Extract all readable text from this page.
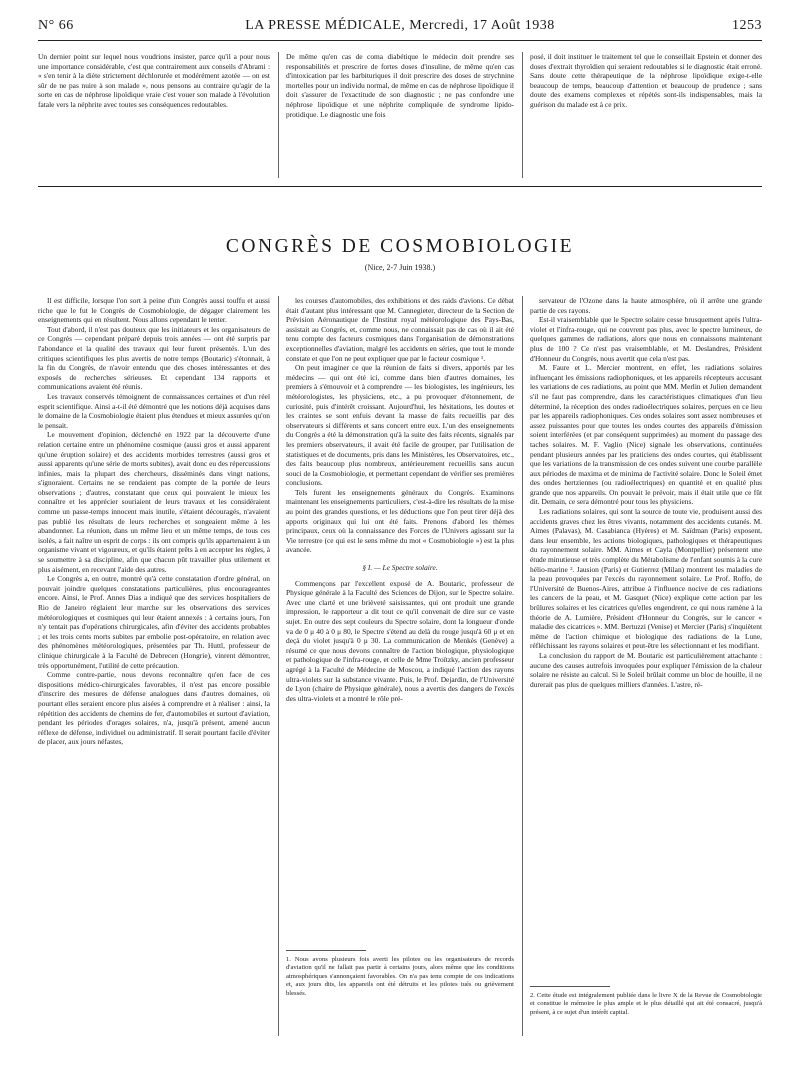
N° 66	LA PRESSE MÉDICALE, Mercredi, 17 Août 1938	1253

Un dernier point sur lequel nous voudrions insister, parce qu'il a pour nous une importance considérable, c'est que contrairement aux conseils d'Abrami : « s'en tenir à la diète strictement déchlorurée et modérément azotée — on est sûr de ne pas nuire à son malade », nous pensons au contraire qu'agir de la sorte en cas de néphrose lipoïdique vraie c'est vouer son malade à l'évolution fatale vers la néphrite avec toutes ses conséquences redoutables.

De même qu'en cas de coma diabétique le médecin doit prendre ses responsabilités et prescrire de fortes doses d'insuline, de même qu'en cas d'intoxication par les barbituriques il doit prescrire des doses de strychnine mortelles pour un individu normal, de même en cas de néphrose lipoïdique il doit s'assurer de l'exactitude de son diagnostic ; ne pas confondre une néphrose lipoïdique et une néphrite compliquée de syndrome lipido-protidique. Le diagnostic une fois

posé, il doit instituer le traitement tel que le conseillait Epstein et donner des doses d'extrait thyroïdien qui seraient redoutables si le diagnostic était erroné. Sans doute cette thérapeutique de la néphrose lipoïdique exige-t-elle beaucoup de temps, beaucoup d'attention et beaucoup de prudence ; sans doute des examens complexes et répétés sont-ils indispensables, mais la guérison du malade est à ce prix.

CONGRÈS DE COSMOBIOLOGIE
(Nice, 2-7 Juin 1938.)

Il est difficile, lorsque l'on sort à peine d'un Congrès aussi touffu et aussi riche que le fut le Congrès de Cosmobiologie, de dégager clairement les enseignements qui en résultent. Nous allons cependant le tenter.

Tout d'abord, il n'est pas douteux que les initiateurs et les organisateurs de ce Congrès — cependant préparé depuis trois années — ont été surpris par l'abondance et la qualité des travaux qui leur furent présentés. L'un des critiques scientifiques les plus avertis de notre temps (Boutaric) s'étonnait, à la fin du Congrès, de n'avoir entendu que des choses intéressantes et des exposés de recherches sérieuses. Et cependant 134 rapports et communications avaient été réunis.

Les travaux conservés témoignent de connaissances certaines et d'un réel esprit scientifique. Ainsi a-t-il été démontré que les notions déjà acquises dans le domaine de la Cosmobiologie étaient plus étendues et mieux assurées qu'on le pensait.

Le mouvement d'opinion, déclenché en 1922 par la découverte d'une relation certaine entre un phénomène cosmique (aussi gros et aussi apparent qu'une éruption solaire) et des accidents morbides terrestres (aussi gros et aussi apparents qu'une série de morts subites), avait donc eu des répercussions infinies, mais la plupart des chercheurs, disséminés dans vingt nations, s'ignoraient. Certains ne se rendaient pas compte de la portée de leurs observations ; d'autres, constatant que ceux qui pouvaient le mieux les connaître et les apprécier souriaient de leurs travaux et les considéraient comme un passe-temps innocent mais inutile, s'étaient découragés, n'avaient pas publié les résultats de leurs recherches et songeaient même à les abandonner. La réunion, dans un même lieu et un même temps, de tous ces isolés, a fait naître un esprit de corps : ils ont compris qu'ils appartenaient à un organisme vivant et vigoureux, et qu'ils étaient prêts à en accepter les règles, à se soumettre à sa discipline, afin que chacun pût travailler plus utilement et plus aisément, en recevant l'aide des autres.

Le Congrès a, en outre, montré qu'à cette constatation d'ordre général, on pouvait joindre quelques constatations particulières, plus encourageantes encore. Ainsi, le Prof. Annes Dias a indiqué que des services hospitaliers de Rio de Janeiro réglaient leur marche sur les observations des services météorologiques et cosmiques qui leur étaient annexés : à certains jours, l'on n'y tentait pas d'opérations chirurgicales, afin d'éviter des accidents probables ; et les trois cents morts subites par embolie post-opératoire, en relation avec des phénomènes météorologiques, présentées par Th. Huttl, professeur de clinique chirurgicale à la Faculté de Debrecen (Hongrie), vinrent démontrer, très opportunément, l'utilité de cette précaution.

Comme contre-partie, nous devons reconnaître qu'en face de ces dispositions médico-chirurgicales favorables, il n'est pas encore possible d'inscrire des mesures de défense analogues dans d'autres domaines, où pourtant elles seraient encore plus aisées à comprendre et à réaliser : ainsi, la répétition des accidents de chemins de fer, d'automobiles et surtout d'aviation, pendant les périodes d'orages solaires, n'a, jusqu'à présent, amené aucun réflexe de défense, individuel ou administratif. Il serait pourtant facile d'éviter de placer, aux jours néfastes,

les courses d'automobiles, des exhibitions et des raids d'avions. Ce débat était d'autant plus intéressant que M. Cannegieter, directeur de la Section de Prévision Aéronautique de l'Institut royal météorologique des Pays-Bas, assistait au Congrès, et, comme nous, ne connaissait pas de cas où il ait été tenu compte des facteurs cosmiques dans l'organisation de démonstrations exceptionnelles d'aviation, malgré les accidents en séries, que tout le monde constate et que l'on ne peut expliquer que par le facteur cosmique ¹.

On peut imaginer ce que la réunion de faits si divers, apportés par les médecins — qui ont été ici, comme dans bien d'autres domaines, les premiers à s'émouvoir et à comprendre — les biologistes, les ingénieurs, les météorologistes, les physiciens, etc., a pu provoquer d'étonnement, de curiosité, puis d'intérêt croissant. Aujourd'hui, les hésitations, les doutes et les craintes se sont enfuis devant la masse de faits recueillis par des observateurs si différents et sans concert entre eux. L'un des enseignements du Congrès a été la démonstration qu'à la suite des faits récents, signalés par les premiers observateurs, il avait été facile de grouper, par l'utilisation de statistiques et de documents, pris dans les Ministères, les Observatoires, etc., des faits beaucoup plus nombreux, antérieurement recueillis sans aucun souci de la Cosmobiologie, et permettant cependant de vérifier ses premières conclusions.

Tels furent les enseignements généraux du Congrès. Examinons maintenant les enseignements particuliers, c'est-à-dire les résultats de la mise au point des grandes questions, et les déductions que l'on peut tirer déjà des apports originaux qui lui ont été faits. Prenons d'abord les thèmes principaux, ceux où la connaissance des Forces de l'Univers agissant sur la Vie terrestre (ce qui est le sens même du mot « Cosmobiologie ») est la plus avancée.

§ I. — Le Spectre solaire.

Commençons par l'excellent exposé de A. Boutaric, professeur de Physique générale à la Faculté des Sciences de Dijon, sur le Spectre solaire. Avec une clarté et une brièveté saisissantes, qui ont produit une grande impression, le rapporteur a dit tout ce qu'il convenait de dire sur ce vaste sujet. En outre des sept couleurs du Spectre solaire, dont la longueur d'onde va de 0 μ 40 à 0 μ 80, le Spectre s'étend au delà du rouge jusqu'à 60 μ et en deçà du violet jusqu'à 0 μ 30. La communication de Menkès (Genève) a résumé ce que nous devons connaître de l'action biologique, physiologique et pathologique de l'infra-rouge, et celle de Mme Troïtzky, ancien professeur agrégé à la Faculté de Médecine de Moscou, a indiqué l'action des rayons ultra-violets sur la substance vivante. Puis, le Prof. Dejardin, de l'Université de Lyon (chaire de Physique générale), nous a avertis des dangers de l'excès des ultra-violets et a montré le rôle pré-

1. Nous avons plusieurs fois averti les pilotes ou les organisateurs de records d'aviation qu'il ne fallait pas partir à certains jours, alors même que les conditions atmosphériques s'annonçaient favorables. On n'a pas tenu compte de ces indications et, aux jours dits, les appareils ont été détruits et les pilotes tués ou grièvement blessés.

servateur de l'Ozone dans la haute atmosphère, où il arrête une grande partie de ces rayons.

Est-il vraisemblable que le Spectre solaire cesse brusquement après l'ultra-violet et l'infra-rouge, qui ne couvrent pas plus, avec le spectre lumineux, de quelques gammes de radiations, alors que nous en connaissons maintenant plus de 100 ? Ce n'est pas vraisemblable, et M. Deslandres, Président d'Honneur du Congrès, nous avertit que cela n'est pas.

M. Faure et L. Mercier montrent, en effet, les radiations solaires influençant les émissions radiophoniques, et les appareils récepteurs accusant les variations de ces radiations, au point que MM. Merlin et Julien demandent s'il ne faut pas comprendre, dans les caractéristiques climatiques d'un lieu déterminé, la réception des ondes radioélectriques solaires, perçues en ce lieu par les appareils radiophoniques. Ces ondes solaires sont assez nombreuses et assez puissantes pour que toutes les ondes courtes des appareils d'émission soient interférées (et par conséquent supprimées) au moment du passage des taches solaires. M. F. Vaglio (Nice) signale les observations, continuées pendant plusieurs années par les praticiens des ondes courtes, qui établissent que les variations de la transmission de ces ondes suivent une courbe parallèle aux périodes de maxima et de minima de l'activité solaire. Donc le Soleil émet des ondes hertziennes (ou radioélectriques) en quantité et en qualité plus grande que nos appareils. On pouvait le prévoir, mais il était utile que ce fût dit. Demain, ce sera démontré pour tous les physiciens.

Les radiations solaires, qui sont la source de toute vie, produisent aussi des accidents graves chez les êtres vivants, notamment des accidents cutanés. M. Aimes (Palavas), M. Casabianca (Hyères) et M. Saïdman (Paris) exposent, dans leur ensemble, les actions biologiques, pathologiques et thérapeutiques du rayonnement solaire. MM. Aimes et Cayla (Montpellier) présentent une étude minutieuse et très complète du Métabolisme de l'enfant soumis à la cure hélio-marine ². Jausion (Paris) et Gutierrez (Milan) montrent les maladies de la peau provoquées par l'excès du rayonnement solaire. Le Prof. Roffo, de l'Université de Buenos-Aires, attribue à l'influence nocive de ces radiations les cancers de la peau, et M. Gasquet (Nice) explique cette action par les brûlures solaires et les cicatrices qu'elles engendrent, ce qui nous ramène à la théorie de A. Lumière, Président d'Honneur du Congrès, sur le cancer « maladie des cicatrices ». MM. Bertuzzi (Venise) et Mercier (Paris) s'inquiètent même de l'action chimique et biologique des radiations de la Lune, réfléchissant les rayons solaires et peut-être les sélectionnant et les modifiant.

La conclusion du rapport de M. Boutaric est particulièrement attachante : aucune des causes autrefois invoquées pour expliquer l'émission de la chaleur solaire ne résiste au calcul. Si le Soleil brûlait comme un bloc de houille, il ne durerait pas plus de quelques milliers d'années. L'astre, ré-

2. Cette étude est intégralement publiée dans le livre X de la Revue de Cosmobiologie et constitue le mémoire le plus ample et le plus détaillé qui ait été consacré, jusqu'à présent, à ce sujet d'un intérêt capital.
